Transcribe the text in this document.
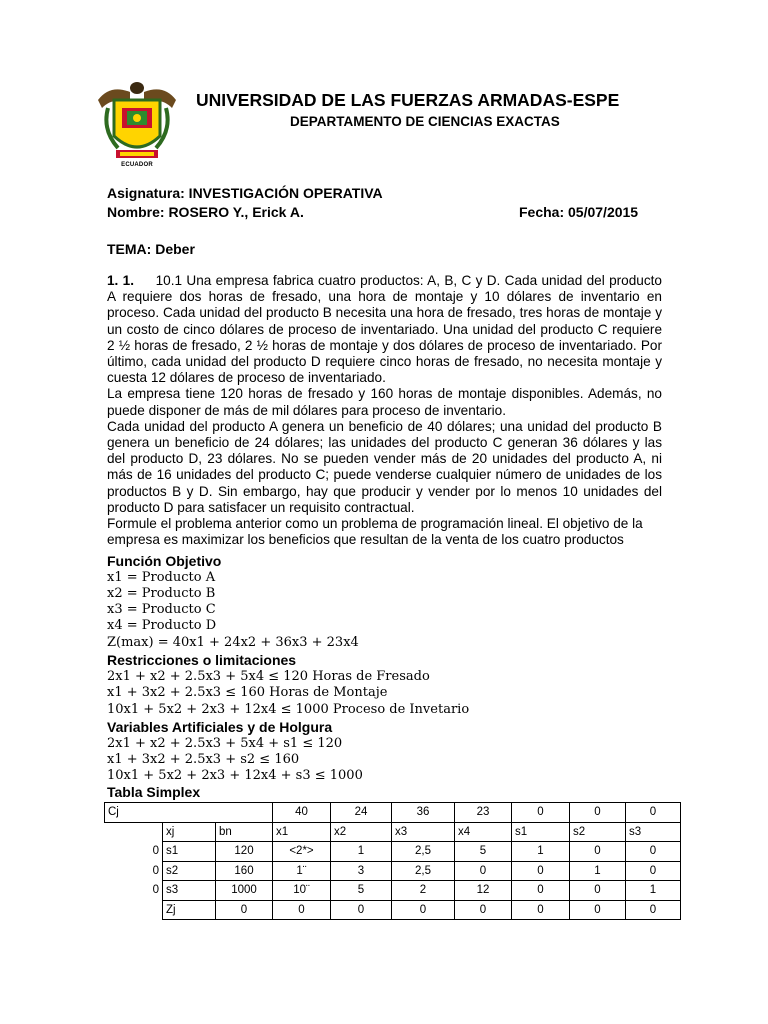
ECUADOR
UNIVERSIDAD DE LAS FUERZAS ARMADAS-ESPE
DEPARTAMENTO DE CIENCIAS EXACTAS
Asignatura: INVESTIGACIÓN OPERATIVA
Nombre: ROSERO Y., Erick A.	Fecha: 05/07/2015
TEMA: Deber

1. 1. 10.1 Una empresa fabrica cuatro productos: A, B, C y D. Cada unidad del producto A requiere dos horas de fresado, una hora de montaje y 10 dólares de inventario en proceso. Cada unidad del producto B necesita una hora de fresado, tres horas de montaje y un costo de cinco dólares de proceso de inventariado. Una unidad del producto C requiere 2 ½ horas de fresado, 2 ½ horas de montaje y dos dólares de proceso de inventariado. Por último, cada unidad del producto D requiere cinco horas de fresado, no necesita montaje y cuesta 12 dólares de proceso de inventariado.

La empresa tiene 120 horas de fresado y 160 horas de montaje disponibles. Además, no puede disponer de más de mil dólares para proceso de inventario.

Cada unidad del producto A genera un beneficio de 40 dólares; una unidad del producto B genera un beneficio de 24 dólares; las unidades del producto C generan 36 dólares y las del producto D, 23 dólares. No se pueden vender más de 20 unidades del producto A, ni más de 16 unidades del producto C; puede venderse cualquier número de unidades de los productos B y D. Sin embargo, hay que producir y vender por lo menos 10 unidades del producto D para satisfacer un requisito contractual.

Formule el problema anterior como un problema de programación lineal. El objetivo de la empresa es maximizar los beneficios que resultan de la venta de los cuatro productos

Función Objetivo
x1 = Producto A
x2 = Producto B
x3 = Producto C
x4 = Producto D
Z(max) = 40x1 + 24x2 + 36x3 + 23x4
Restricciones o limitaciones
2x1 + x2 + 2.5x3 + 5x4 ≤ 120 Horas de Fresado
x1 + 3x2 + 2.5x3 ≤ 160 Horas de Montaje
10x1 + 5x2 + 2x3 + 12x4 ≤ 1000 Proceso de Invetario
Variables Artificiales y de Holgura
2x1 + x2 + 2.5x3 + 5x4 + s1 ≤ 120
x1 + 3x2 + 2.5x3 + s2 ≤ 160
10x1 + 5x2 + 2x3 + 12x4 + s3 ≤ 1000
Tabla Simplex
Cj			40	24	36	23	0	0	0
	xj	bn	x1	x2	x3	x4	s1	s2	s3
0	s1	120	<2*>	1	2,5	5	1	0	0
0	s2	160	1¨	3	2,5	0	0	1	0
0	s3	1000	10¨	5	2	12	0	0	1
	Zj	0	0	0	0	0	0	0	0
